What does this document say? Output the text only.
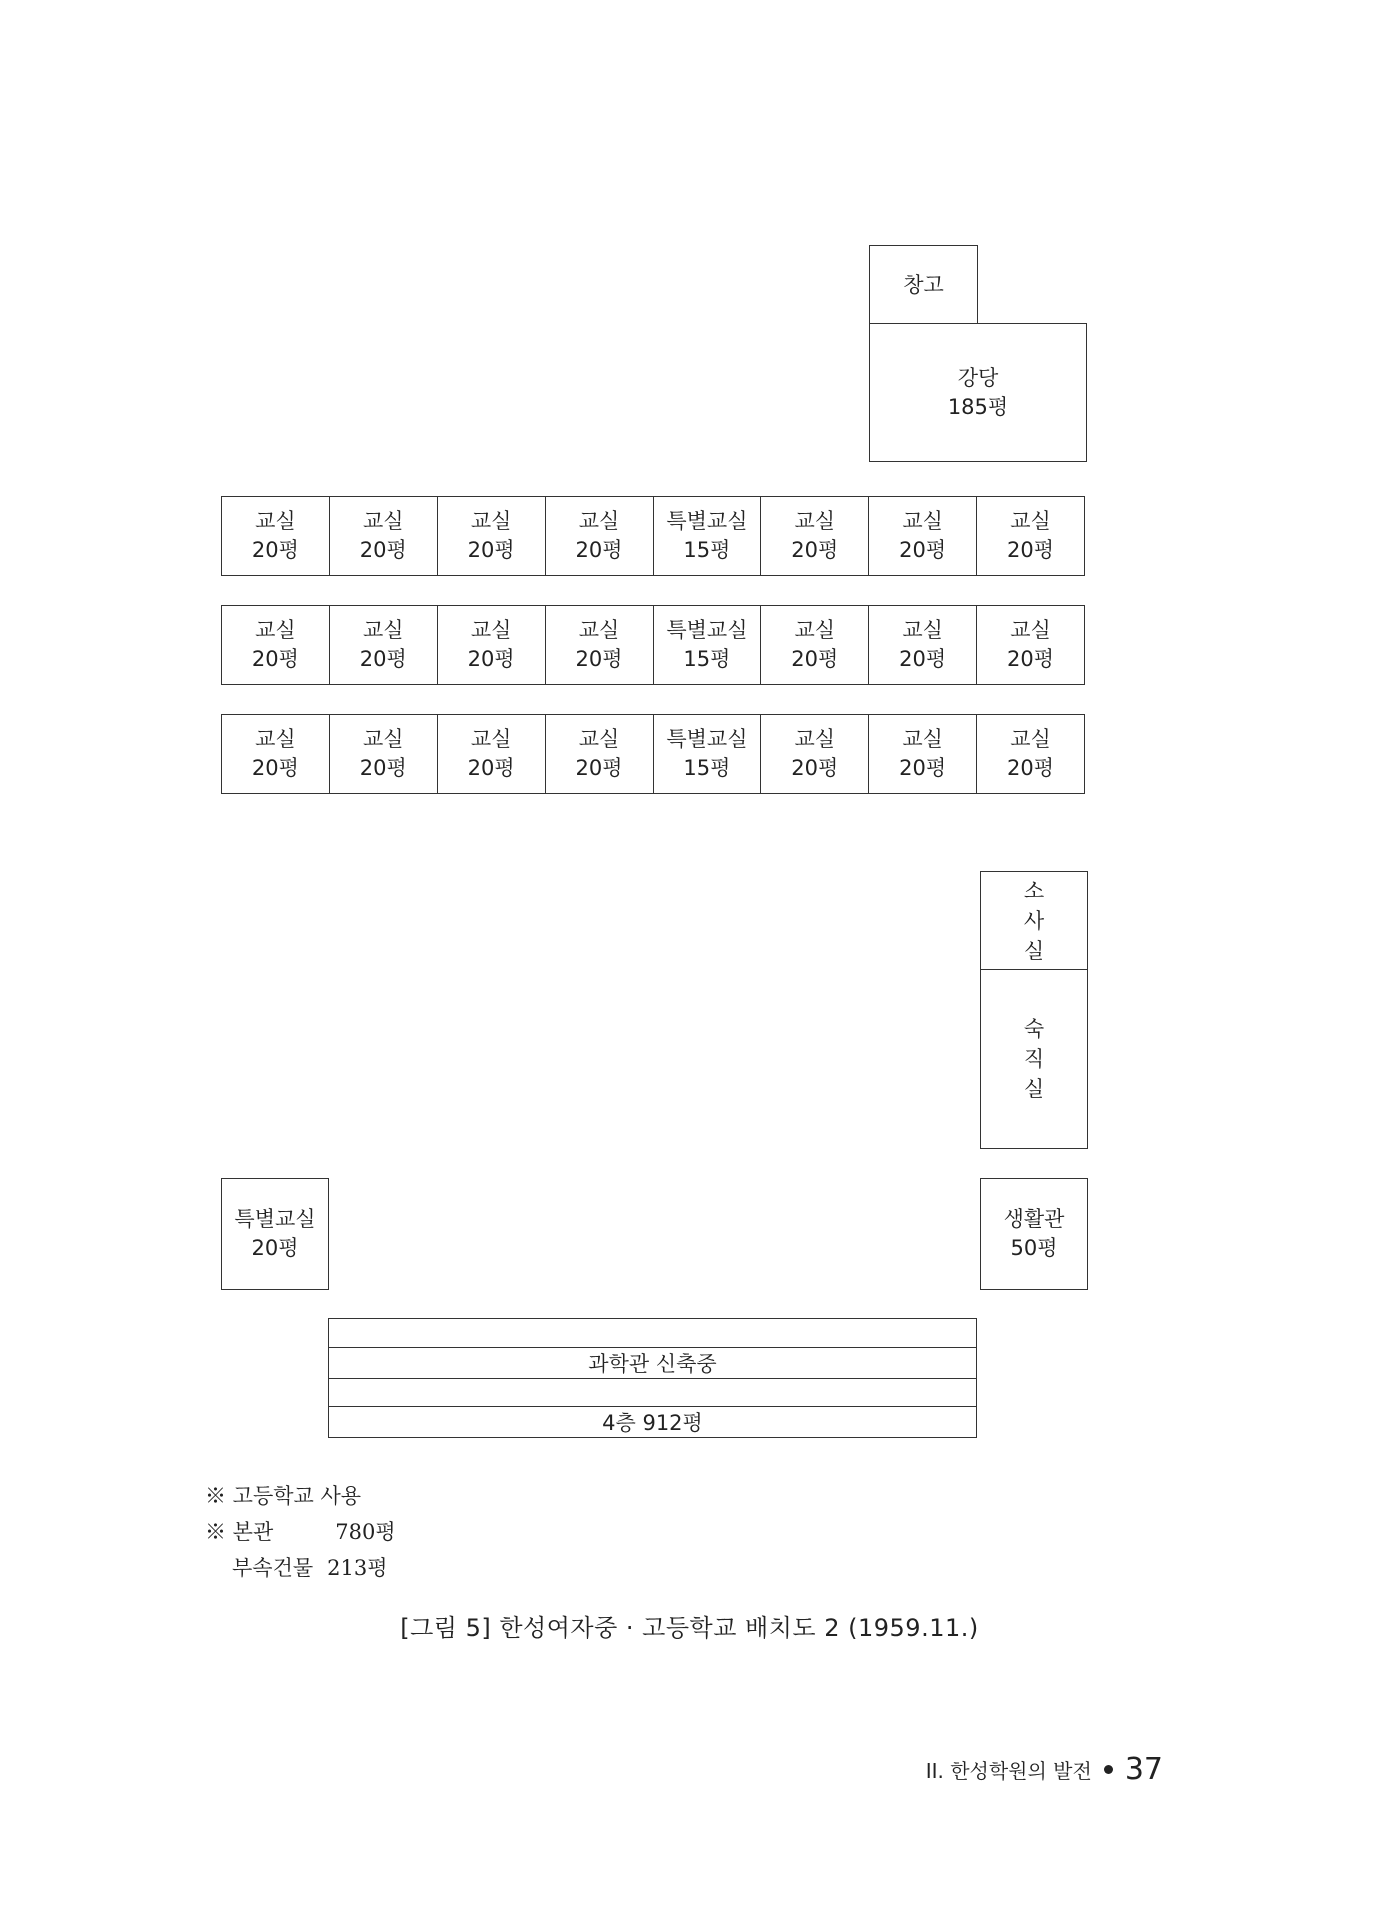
창고
강당
185평
교실
20평
교실
20평
교실
20평
교실
20평
특별교실
15평
교실
20평
교실
20평
교실
20평
교실
20평
교실
20평
교실
20평
교실
20평
특별교실
15평
교실
20평
교실
20평
교실
20평
교실
20평
교실
20평
교실
20평
교실
20평
특별교실
15평
교실
20평
교실
20평
교실
20평
소
사
실
숙
직
실
특별교실
20평
생활관
50평
과학관 신축중
4층 912평
※ 고등학교 사용
※ 본관	780평
부속건물 213평
[그림 5] 한성여자중 · 고등학교 배치도 2 (1959.11.)
II. 한성학원의 발전 37
